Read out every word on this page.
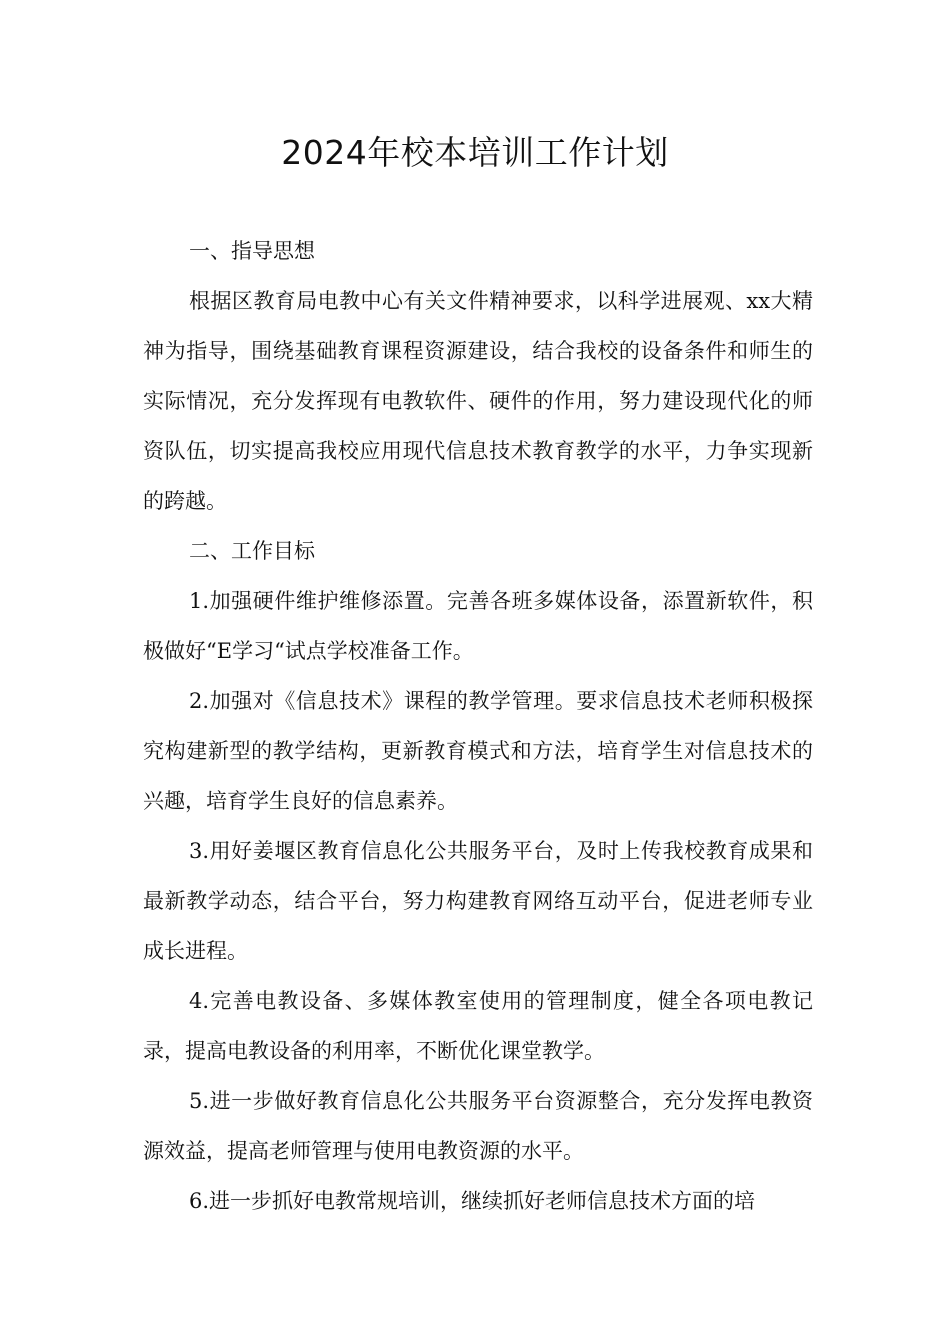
2024年校本培训工作计划

一、指导思想

根据区教育局电教中心有关文件精神要求，以科学进展观、xx大精神为指导，围绕基础教育课程资源建设，结合我校的设备条件和师生的实际情况，充分发挥现有电教软件、硬件的作用，努力建设现代化的师资队伍，切实提高我校应用现代信息技术教育教学的水平，力争实现新的跨越。

二、工作目标

1.加强硬件维护维修添置。完善各班多媒体设备，添置新软件，积极做好“E学习“试点学校准备工作。

2.加强对《信息技术》课程的教学管理。要求信息技术老师积极探究构建新型的教学结构，更新教育模式和方法，培育学生对信息技术的兴趣，培育学生良好的信息素养。

3.用好姜堰区教育信息化公共服务平台，及时上传我校教育成果和最新教学动态，结合平台，努力构建教育网络互动平台，促进老师专业成长进程。

4.完善电教设备、多媒体教室使用的管理制度，健全各项电教记录，提高电教设备的利用率，不断优化课堂教学。

5.进一步做好教育信息化公共服务平台资源整合，充分发挥电教资源效益，提高老师管理与使用电教资源的水平。

6.进一步抓好电教常规培训，继续抓好老师信息技术方面的培
